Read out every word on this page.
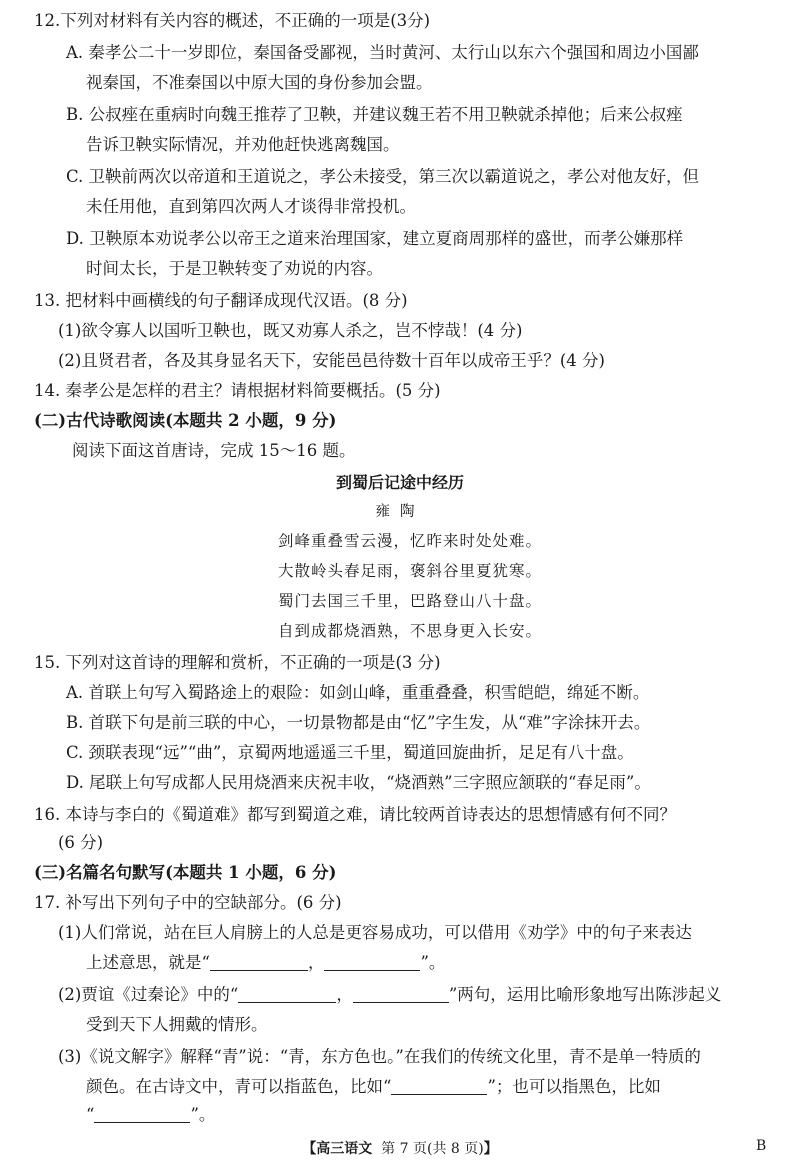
12.下列对材料有关内容的概述，不正确的一项是(3分)
A. 秦孝公二十一岁即位，秦国备受鄙视，当时黄河、太行山以东六个强国和周边小国鄙
视秦国，不准秦国以中原大国的身份参加会盟。
B. 公叔痤在重病时向魏王推荐了卫鞅，并建议魏王若不用卫鞅就杀掉他；后来公叔痤
告诉卫鞅实际情况，并劝他赶快逃离魏国。
C. 卫鞅前两次以帝道和王道说之，孝公未接受，第三次以霸道说之，孝公对他友好，但
未任用他，直到第四次两人才谈得非常投机。
D. 卫鞅原本劝说孝公以帝王之道来治理国家，建立夏商周那样的盛世，而孝公嫌那样
时间太长，于是卫鞅转变了劝说的内容。
13. 把材料中画横线的句子翻译成现代汉语。(8 分)
(1)欲令寡人以国听卫鞅也，既又劝寡人杀之，岂不悖哉！(4 分)
(2)且贤君者，各及其身显名天下，安能邑邑待数十百年以成帝王乎？(4 分)
14. 秦孝公是怎样的君主？请根据材料简要概括。(5 分)
(二)古代诗歌阅读(本题共 2 小题，9 分)
阅读下面这首唐诗，完成 15～16 题。
到蜀后记途中经历
雍陶
剑峰重叠雪云漫，忆昨来时处处难。
大散岭头春足雨，褒斜谷里夏犹寒。
蜀门去国三千里，巴路登山八十盘。
自到成都烧酒熟，不思身更入长安。
15. 下列对这首诗的理解和赏析，不正确的一项是(3 分)
A. 首联上句写入蜀路途上的艰险：如剑山峰，重重叠叠，积雪皑皑，绵延不断。
B. 首联下句是前三联的中心，一切景物都是由“忆”字生发，从“难”字涂抹开去。
C. 颈联表现“远”“曲”，京蜀两地遥遥三千里，蜀道回旋曲折，足足有八十盘。
D. 尾联上句写成都人民用烧酒来庆祝丰收，“烧酒熟”三字照应颔联的“春足雨”。
16. 本诗与李白的《蜀道难》都写到蜀道之难，请比较两首诗表达的思想情感有何不同？
(6 分)
(三)名篇名句默写(本题共 1 小题，6 分)
17. 补写出下列句子中的空缺部分。(6 分)
(1)人们常说，站在巨人肩膀上的人总是更容易成功，可以借用《劝学》中的句子来表达
上述意思，就是“	，	”。
(2)贾谊《过秦论》中的“	，	”两句，运用比喻形象地写出陈涉起义
受到天下人拥戴的情形。
(3)《说文解字》解释“青”说：“青，东方色也。”在我们的传统文化里，青不是单一特质的
颜色。在古诗文中，青可以指蓝色，比如“	”；也可以指黑色，比如
“	”。
【高三语文 第 7 页(共 8 页)】	B
